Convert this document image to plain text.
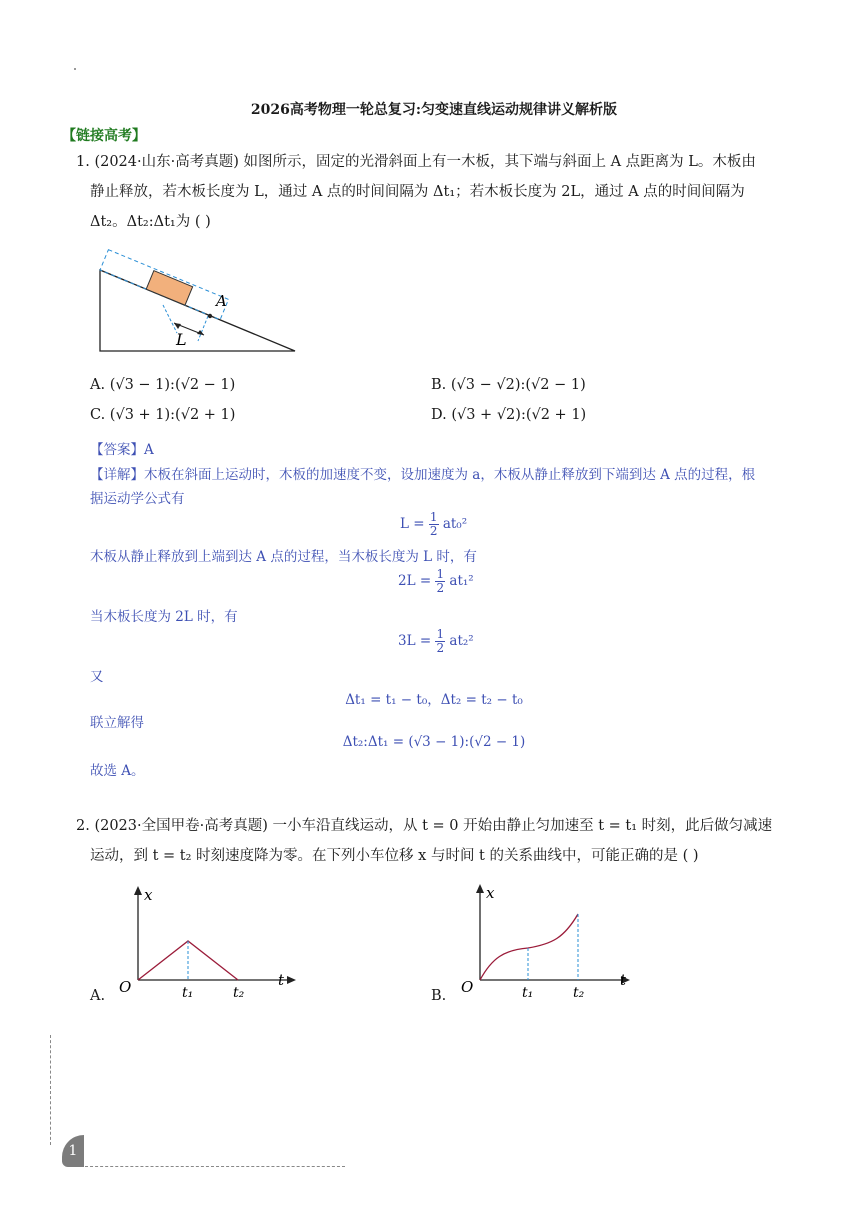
2026高考物理一轮总复习:匀变速直线运动规律讲义解析版
【链接高考】
1. (2024·山东·高考真题) 如图所示，固定的光滑斜面上有一木板，其下端与斜面上 A 点距离为 L。木板由
静止释放，若木板长度为 L，通过 A 点的时间间隔为 Δt₁；若木板长度为 2L，通过 A 点的时间间隔为
Δt₂。Δt₂:Δt₁为 ( )
A
L
A. (√3 − 1):(√2 − 1)	B. (√3 − √2):(√2 − 1)
C. (√3 + 1):(√2 + 1)	D. (√3 + √2):(√2 + 1)
【答案】A
【详解】木板在斜面上运动时，木板的加速度不变，设加速度为 a，木板从静止释放到下端到达 A 点的过程，根
据运动学公式有
$L = \frac{1}{2} at_0^2$
木板从静止释放到上端到达 A 点的过程，当木板长度为 L 时，有
$2L = \frac{1}{2} at_1^2$
当木板长度为 2L 时，有
$3L = \frac{1}{2} at_2^2$
又
Δt₁ = t₁ − t₀，Δt₂ = t₂ − t₀
联立解得
Δt₂:Δt₁ = (√3 − 1):(√2 − 1)
故选 A。
2. (2023·全国甲卷·高考真题) 一小车沿直线运动，从 t = 0 开始由静止匀加速至 t = t₁ 时刻，此后做匀减速
运动，到 t = t₂ 时刻速度降为零。在下列小车位移 x 与时间 t 的关系曲线中，可能正确的是 ( )
x
t
O	t₁	t₂
A.
x
t
O	t₁	t₂
B.
1
